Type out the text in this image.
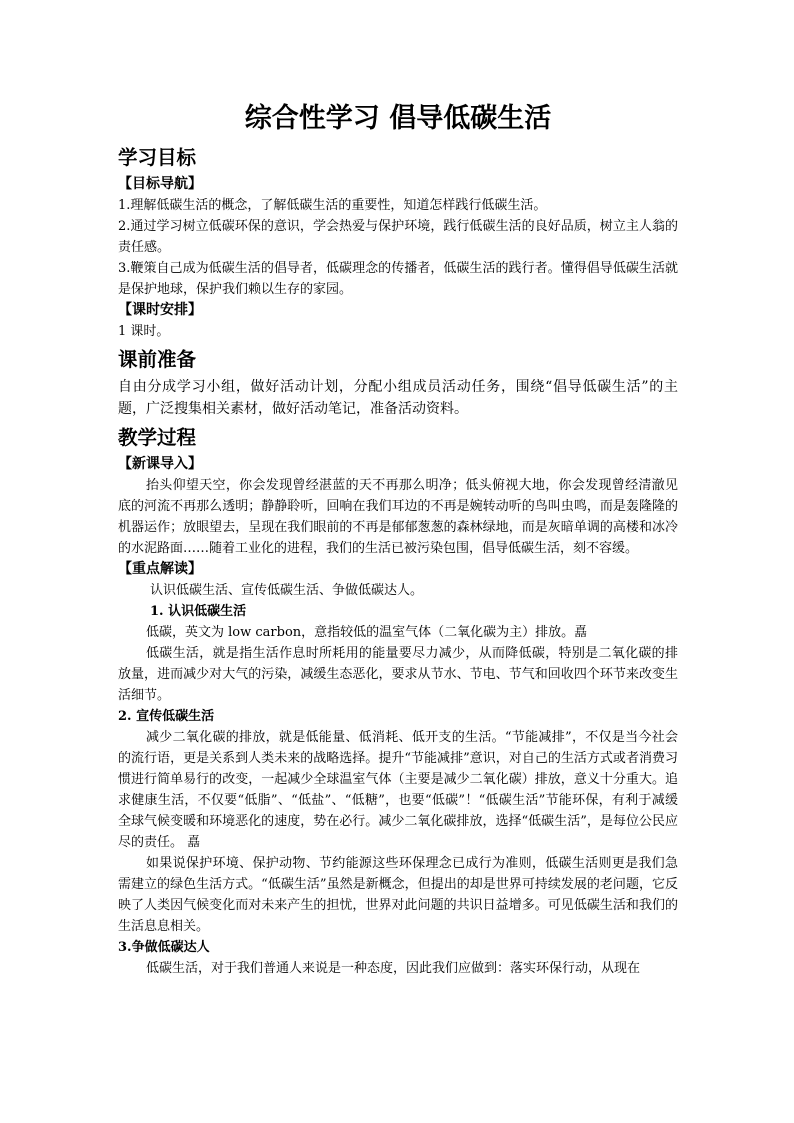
综合性学习 倡导低碳生活
学习目标

【目标导航】

1.理解低碳生活的概念，了解低碳生活的重要性，知道怎样践行低碳生活。

2.通过学习树立低碳环保的意识，学会热爱与保护环境，践行低碳生活的良好品质，树立主人翁的责任感。

3.鞭策自己成为低碳生活的倡导者，低碳理念的传播者，低碳生活的践行者。懂得倡导低碳生活就是保护地球，保护我们赖以生存的家园。

【课时安排】

1 课时。

课前准备

自由分成学习小组，做好活动计划，分配小组成员活动任务，围绕“倡导低碳生活”的主题，广泛搜集相关素材，做好活动笔记，准备活动资料。

教学过程

【新课导入】

抬头仰望天空，你会发现曾经湛蓝的天不再那么明净；低头俯视大地，你会发现曾经清澈见底的河流不再那么透明；静静聆听，回响在我们耳边的不再是婉转动听的鸟叫虫鸣，而是轰隆隆的机器运作；放眼望去，呈现在我们眼前的不再是郁郁葱葱的森林绿地，而是灰暗单调的高楼和冰冷的水泥路面……随着工业化的进程，我们的生活已被污染包围，倡导低碳生活，刻不容缓。

【重点解读】

认识低碳生活、宣传低碳生活、争做低碳达人。

1. 认识低碳生活

低碳，英文为 low carbon，意指较低的温室气体（二氧化碳为主）排放。嚞

低碳生活，就是指生活作息时所耗用的能量要尽力减少，从而降低碳，特别是二氧化碳的排放量，进而减少对大气的污染，减缓生态恶化，要求从节水、节电、节气和回收四个环节来改变生活细节。

2. 宣传低碳生活

减少二氧化碳的排放，就是低能量、低消耗、低开支的生活。“节能减排”，不仅是当今社会的流行语，更是关系到人类未来的战略选择。提升“节能减排”意识，对自己的生活方式或者消费习惯进行简单易行的改变，一起减少全球温室气体（主要是减少二氧化碳）排放，意义十分重大。追求健康生活，不仅要“低脂”、“低盐”、“低糖”，也要“低碳”！“低碳生活”节能环保，有利于减缓全球气候变暖和环境恶化的速度，势在必行。减少二氧化碳排放，选择“低碳生活”，是每位公民应尽的责任。 嚞

如果说保护环境、保护动物、节约能源这些环保理念已成行为准则，低碳生活则更是我们急需建立的绿色生活方式。“低碳生活”虽然是新概念，但提出的却是世界可持续发展的老问题，它反映了人类因气候变化而对未来产生的担忧，世界对此问题的共识日益增多。可见低碳生活和我们的生活息息相关。

3.争做低碳达人

低碳生活，对于我们普通人来说是一种态度，因此我们应做到：落实环保行动，从现在
